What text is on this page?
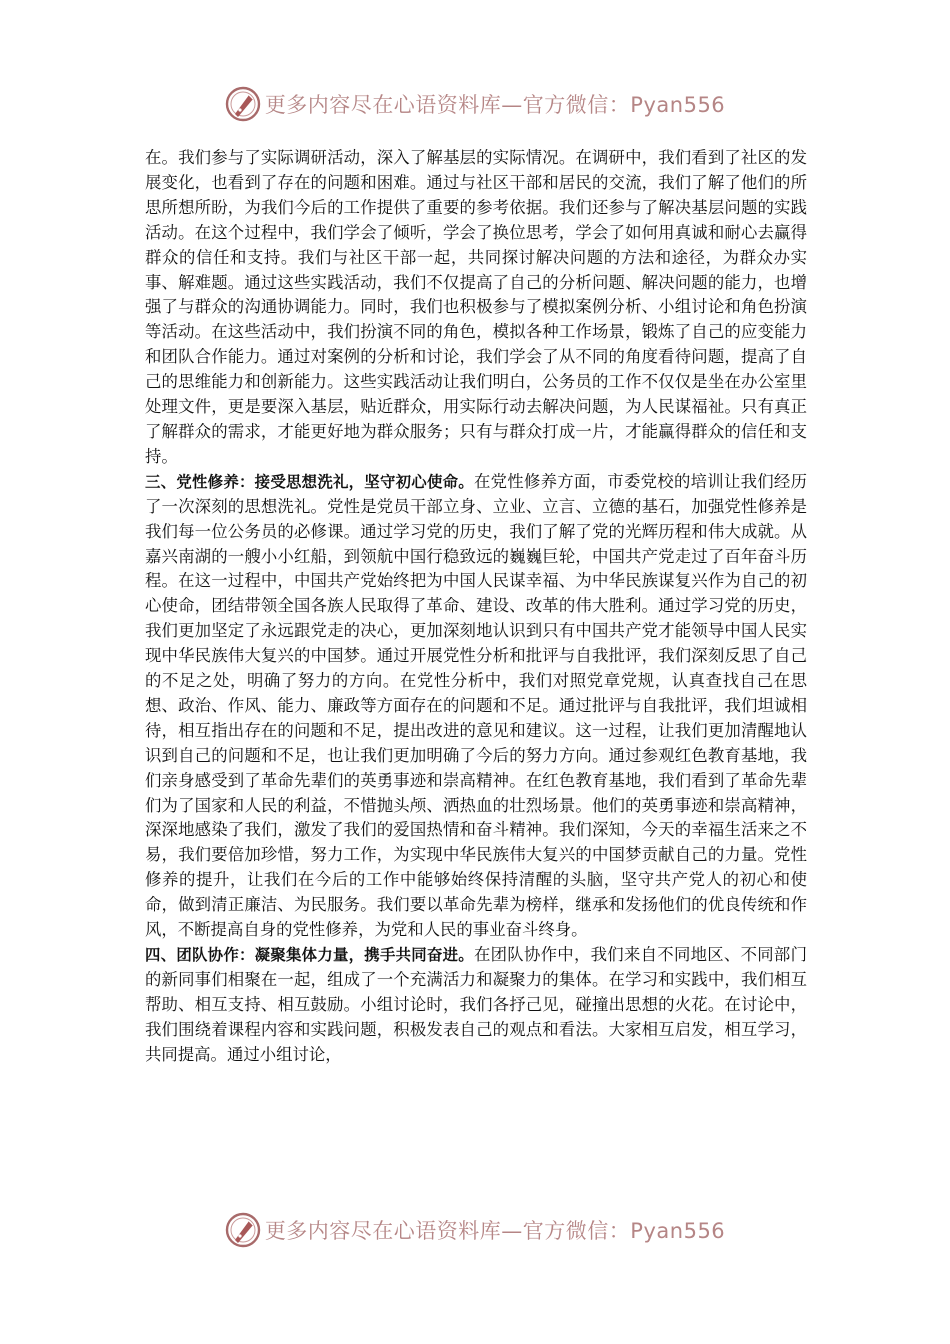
更多内容尽在心语资料库—官方微信：Pyan556

在。我们参与了实际调研活动，深入了解基层的实际情况。在调研中，我们看到了社区的发展变化，也看到了存在的问题和困难。通过与社区干部和居民的交流，我们了解了他们的所思所想所盼，为我们今后的工作提供了重要的参考依据。我们还参与了解决基层问题的实践活动。在这个过程中，我们学会了倾听，学会了换位思考，学会了如何用真诚和耐心去赢得群众的信任和支持。我们与社区干部一起，共同探讨解决问题的方法和途径，为群众办实事、解难题。通过这些实践活动，我们不仅提高了自己的分析问题、解决问题的能力，也增强了与群众的沟通协调能力。同时，我们也积极参与了模拟案例分析、小组讨论和角色扮演等活动。在这些活动中，我们扮演不同的角色，模拟各种工作场景，锻炼了自己的应变能力和团队合作能力。通过对案例的分析和讨论，我们学会了从不同的角度看待问题，提高了自己的思维能力和创新能力。这些实践活动让我们明白，公务员的工作不仅仅是坐在办公室里处理文件，更是要深入基层，贴近群众，用实际行动去解决问题，为人民谋福祉。只有真正了解群众的需求，才能更好地为群众服务；只有与群众打成一片，才能赢得群众的信任和支持。

三、党性修养：接受思想洗礼，坚守初心使命。在党性修养方面，市委党校的培训让我们经历了一次深刻的思想洗礼。党性是党员干部立身、立业、立言、立德的基石，加强党性修养是我们每一位公务员的必修课。通过学习党的历史，我们了解了党的光辉历程和伟大成就。从嘉兴南湖的一艘小小红船，到领航中国行稳致远的巍巍巨轮，中国共产党走过了百年奋斗历程。在这一过程中，中国共产党始终把为中国人民谋幸福、为中华民族谋复兴作为自己的初心使命，团结带领全国各族人民取得了革命、建设、改革的伟大胜利。通过学习党的历史，我们更加坚定了永远跟党走的决心，更加深刻地认识到只有中国共产党才能领导中国人民实现中华民族伟大复兴的中国梦。通过开展党性分析和批评与自我批评，我们深刻反思了自己的不足之处，明确了努力的方向。在党性分析中，我们对照党章党规，认真查找自己在思想、政治、作风、能力、廉政等方面存在的问题和不足。通过批评与自我批评，我们坦诚相待，相互指出存在的问题和不足，提出改进的意见和建议。这一过程，让我们更加清醒地认识到自己的问题和不足，也让我们更加明确了今后的努力方向。通过参观红色教育基地，我们亲身感受到了革命先辈们的英勇事迹和崇高精神。在红色教育基地，我们看到了革命先辈们为了国家和人民的利益，不惜抛头颅、洒热血的壮烈场景。他们的英勇事迹和崇高精神，深深地感染了我们，激发了我们的爱国热情和奋斗精神。我们深知，今天的幸福生活来之不易，我们要倍加珍惜，努力工作，为实现中华民族伟大复兴的中国梦贡献自己的力量。党性修养的提升，让我们在今后的工作中能够始终保持清醒的头脑，坚守共产党人的初心和使命，做到清正廉洁、为民服务。我们要以革命先辈为榜样，继承和发扬他们的优良传统和作风，不断提高自身的党性修养，为党和人民的事业奋斗终身。

四、团队协作：凝聚集体力量，携手共同奋进。在团队协作中，我们来自不同地区、不同部门的新同事们相聚在一起，组成了一个充满活力和凝聚力的集体。在学习和实践中，我们相互帮助、相互支持、相互鼓励。小组讨论时，我们各抒己见，碰撞出思想的火花。在讨论中，我们围绕着课程内容和实践问题，积极发表自己的观点和看法。大家相互启发，相互学习，共同提高。通过小组讨论，

更多内容尽在心语资料库—官方微信：Pyan556
